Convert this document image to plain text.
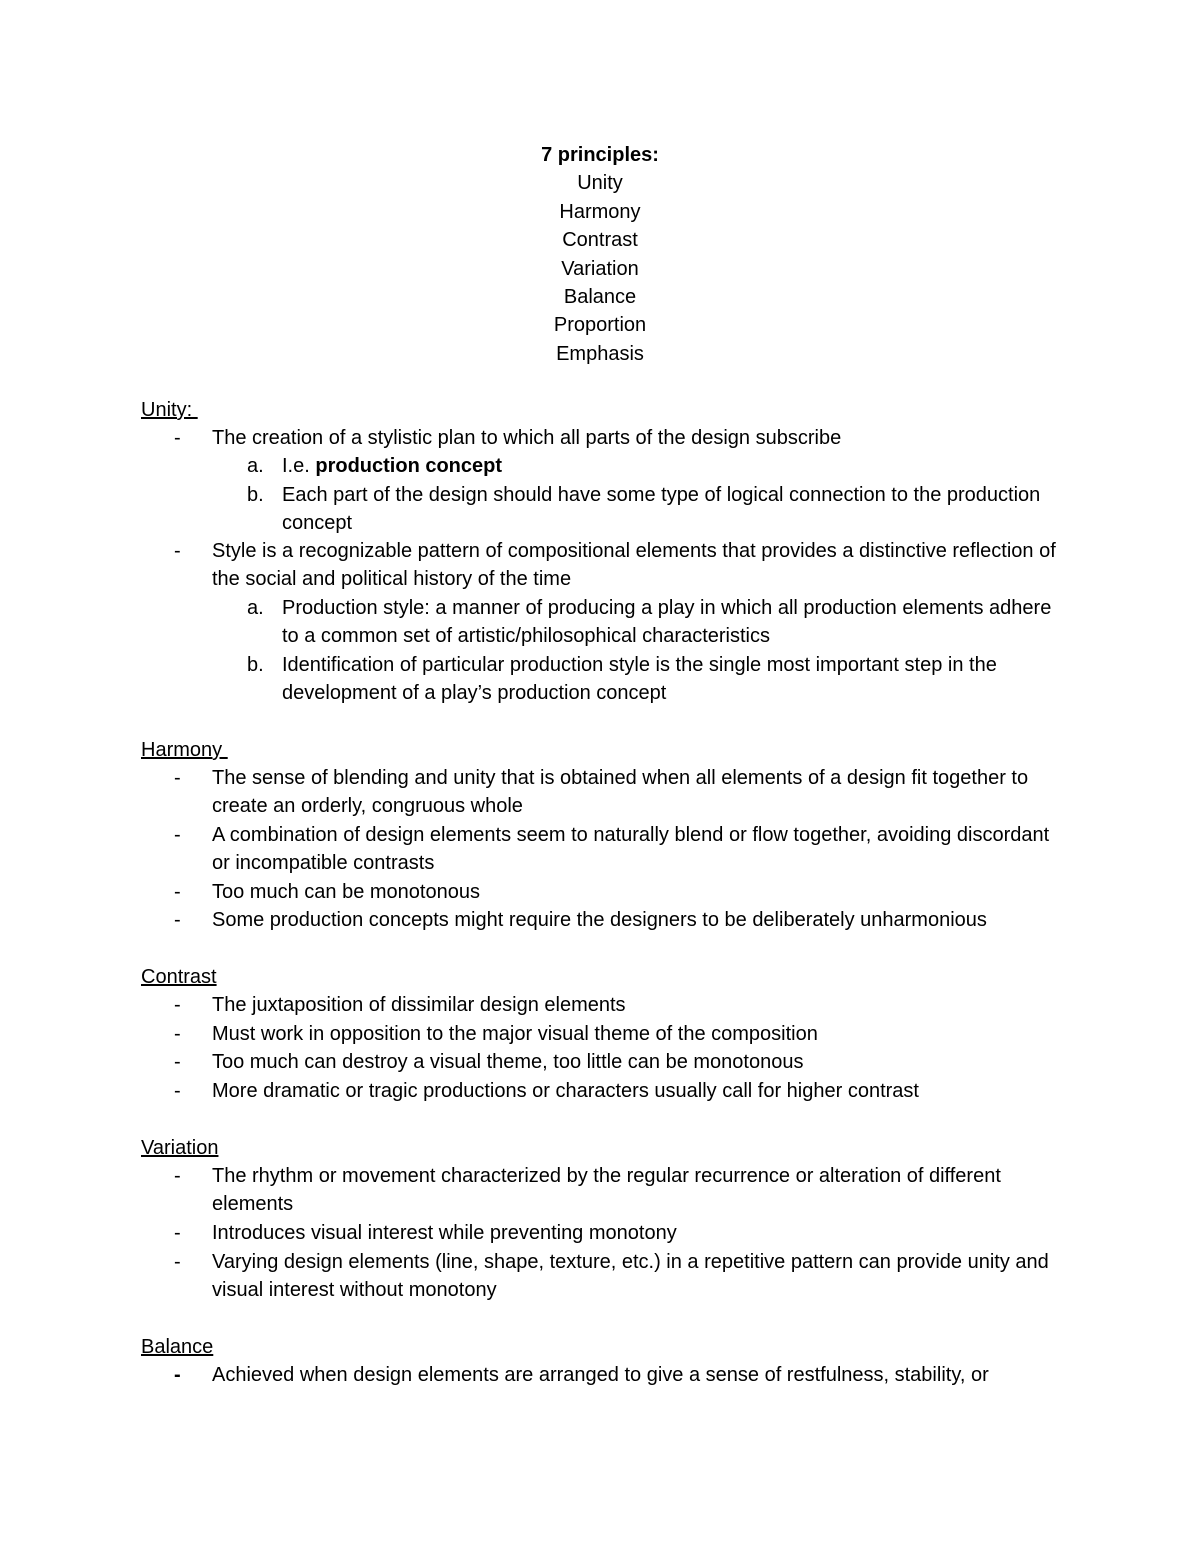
7 principles:
Unity
Harmony
Contrast
Variation
Balance
Proportion
Emphasis
Unity:
- The creation of a stylistic plan to which all parts of the design subscribe
a. I.e. production concept
b. Each part of the design should have some type of logical connection to the production concept
- Style is a recognizable pattern of compositional elements that provides a distinctive reflection of the social and political history of the time
a. Production style: a manner of producing a play in which all production elements adhere to a common set of artistic/philosophical characteristics
b. Identification of particular production style is the single most important step in the development of a play’s production concept
Harmony
- The sense of blending and unity that is obtained when all elements of a design fit together to create an orderly, congruous whole
- A combination of design elements seem to naturally blend or flow together, avoiding discordant or incompatible contrasts
- Too much can be monotonous
- Some production concepts might require the designers to be deliberately unharmonious
Contrast
- The juxtaposition of dissimilar design elements
- Must work in opposition to the major visual theme of the composition
- Too much can destroy a visual theme, too little can be monotonous
- More dramatic or tragic productions or characters usually call for higher contrast
Variation
- The rhythm or movement characterized by the regular recurrence or alteration of different elements
- Introduces visual interest while preventing monotony
- Varying design elements (line, shape, texture, etc.) in a repetitive pattern can provide unity and visual interest without monotony
Balance
- Achieved when design elements are arranged to give a sense of restfulness, stability, or
